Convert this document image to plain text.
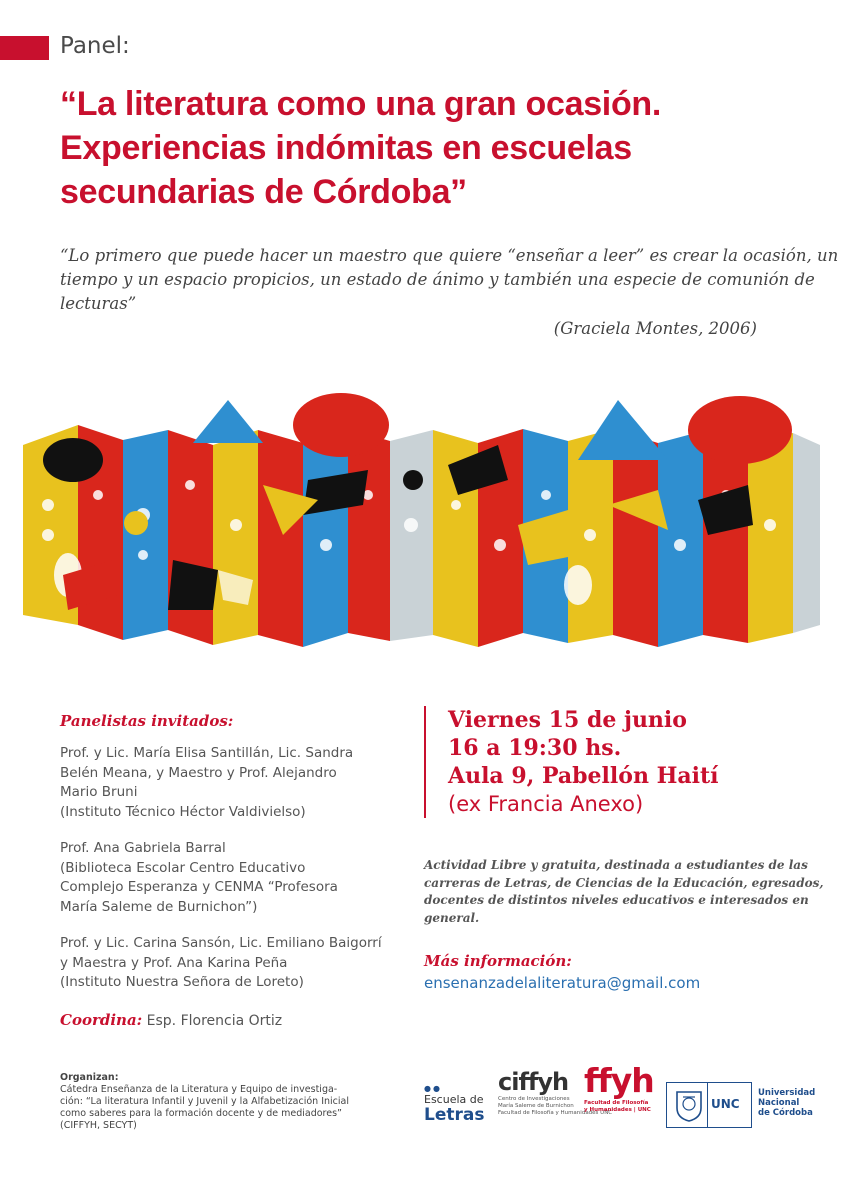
Panel:
“La literatura como una gran ocasión.
Experiencias indómitas en escuelas
secundarias de Córdoba”
“Lo primero que puede hacer un maestro que quiere “enseñar a leer” es crear la ocasión, un
tiempo y un espacio propicios, un estado de ánimo y también una especie de comunión de
lecturas”
(Graciela Montes, 2006)
Panelistas invitados:
Prof. y Lic. María Elisa Santillán, Lic. Sandra
Belén Meana, y Maestro y Prof. Alejandro
Mario Bruni
(Instituto Técnico Héctor Valdivielso)
Prof. Ana Gabriela Barral
(Biblioteca Escolar Centro Educativo
Complejo Esperanza y CENMA “Profesora
María Saleme de Burnichon”)
Prof. y Lic. Carina Sansón, Lic. Emiliano Baigorrí
y Maestra y Prof. Ana Karina Peña
(Instituto Nuestra Señora de Loreto)
Coordina: Esp. Florencia Ortiz
Organizan:
Cátedra Enseñanza de la Literatura y Equipo de investiga-
ción: “La literatura Infantil y Juvenil y la Alfabetización Inicial
como saberes para la formación docente y de mediadores”
(CIFFYH, SECYT)
Viernes 15 de junio
16 a 19:30 hs.
Aula 9, Pabellón Haití
(ex Francia Anexo)
Actividad Libre y gratuita, destinada a estudiantes de las
carreras de Letras, de Ciencias de la Educación, egresados,
docentes de distintos niveles educativos e interesados en
general.
Más información:
ensenanzadelaliteratura@gmail.com
●●
Escuela de
Letras
ciffyh
Centro de Investigaciones
María Saleme de Burnichon
Facultad de Filosofía y Humanidades UNC
ffyh
Facultad de Filosofía
y Humanidades | UNC	UNC
Universidad
Nacional
de Córdoba
